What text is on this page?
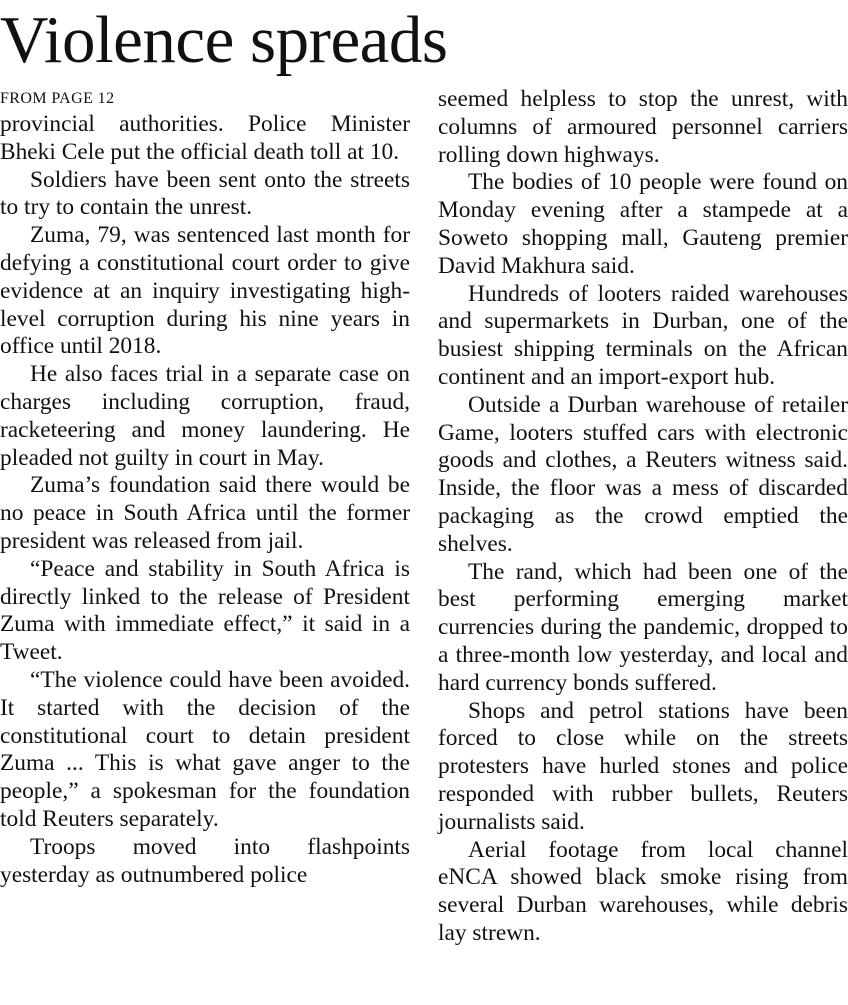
Violence spreads
FROM PAGE 12

provincial authorities. Police Minister Bheki Cele put the official death toll at 10.

Soldiers have been sent onto the streets to try to contain the unrest.

Zuma, 79, was sentenced last month for defying a constitutional court order to give evidence at an inquiry investigating high-level corruption during his nine years in office until 2018.

He also faces trial in a separate case on charges including corruption, fraud, racketeering and money laundering. He pleaded not guilty in court in May.

Zuma’s foundation said there would be no peace in South Africa until the former president was released from jail.

“Peace and stability in South Africa is directly linked to the release of President Zuma with immediate effect,” it said in a Tweet.

“The violence could have been avoided. It started with the decision of the constitutional court to detain president Zuma ... This is what gave anger to the people,” a spokesman for the foundation told Reuters separately.

Troops moved into flashpoints yesterday as outnumbered police

seemed helpless to stop the unrest, with columns of armoured personnel carriers rolling down highways.

The bodies of 10 people were found on Monday evening after a stampede at a Soweto shopping mall, Gauteng premier David Makhura said.

Hundreds of looters raided warehouses and supermarkets in Durban, one of the busiest shipping terminals on the African continent and an import-export hub.

Outside a Durban warehouse of retailer Game, looters stuffed cars with electronic goods and clothes, a Reuters witness said. Inside, the floor was a mess of discarded packaging as the crowd emptied the shelves.

The rand, which had been one of the best performing emerging market currencies during the pandemic, dropped to a three-month low yesterday, and local and hard currency bonds suffered.

Shops and petrol stations have been forced to close while on the streets protesters have hurled stones and police responded with rubber bullets, Reuters journalists said.

Aerial footage from local channel eNCA showed black smoke rising from several Durban warehouses, while debris lay strewn.
